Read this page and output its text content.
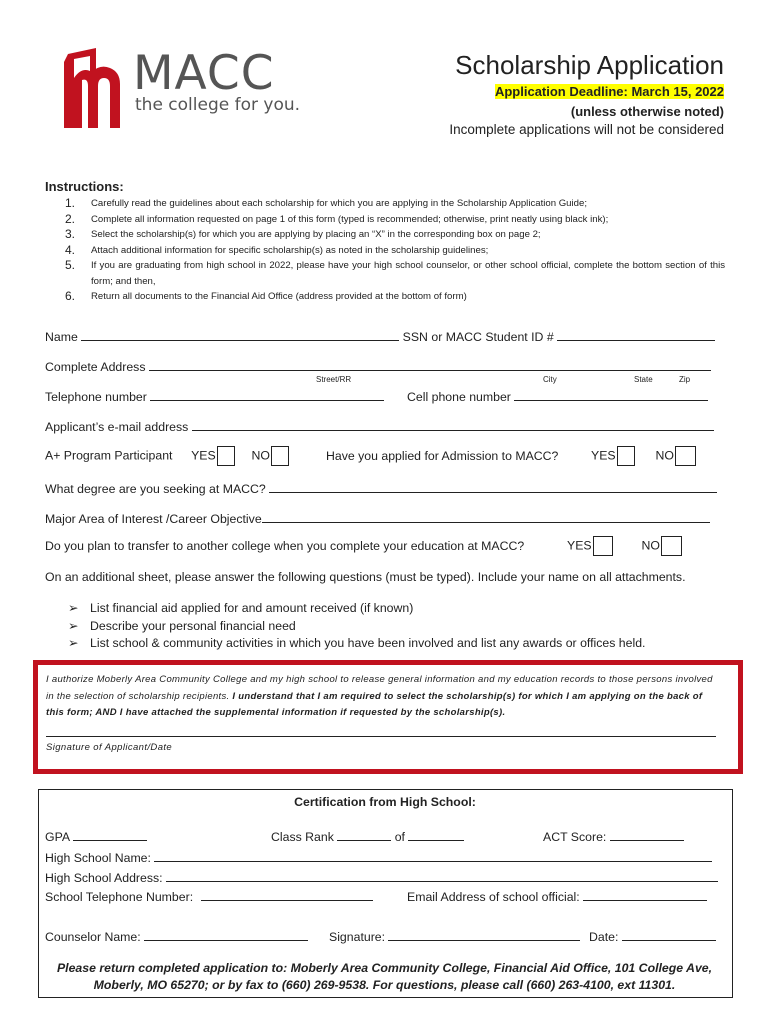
MACC
the college for you.
Scholarship Application
Application Deadline: March 15, 2022
(unless otherwise noted)
Incomplete applications will not be considered
Instructions:
1. Carefully read the guidelines about each scholarship for which you are applying in the Scholarship Application Guide;
2. Complete all information requested on page 1 of this form (typed is recommended; otherwise, print neatly using black ink);
3. Select the scholarship(s) for which you are applying by placing an “X” in the corresponding box on page 2;
4. Attach additional information for specific scholarship(s) as noted in the scholarship guidelines;
5. If you are graduating from high school in 2022, please have your high school counselor, or other school official, complete the bottom section of this form; and then,
6. Return all documents to the Financial Aid Office (address provided at the bottom of form)
Name	SSN or MACC Student ID #
Complete Address
Street/RR	City	State	Zip
Telephone number	Cell phone number
Applicant’s e-mail address
A+ Program Participant YES	NO	Have you applied for Admission to MACC?	YES	NO
What degree are you seeking at MACC?
Major Area of Interest /Career Objective
Do you plan to transfer to another college when you complete your education at MACC?	YES	NO
On an additional sheet, please answer the following questions (must be typed). Include your name on all attachments.
➢ List financial aid applied for and amount received (if known)
➢ Describe your personal financial need
➢ List school & community activities in which you have been involved and list any awards or offices held.
I authorize Moberly Area Community College and my high school to release general information and my education records to those persons involved in the selection of scholarship recipients. I understand that I am required to select the scholarship(s) for which I am applying on the back of this form; AND I have attached the supplemental information if requested by the scholarship(s).
Signature of Applicant/Date
Certification from High School:
GPA	Class Rank	of	ACT Score:
High School Name:
High School Address:
School Telephone Number:	Email Address of school official:
Counselor Name:	Signature:	Date:
Please return completed application to: Moberly Area Community College, Financial Aid Office, 101 College Ave,
Moberly, MO 65270; or by fax to (660) 269-9538. For questions, please call (660) 263-4100, ext 11301.
